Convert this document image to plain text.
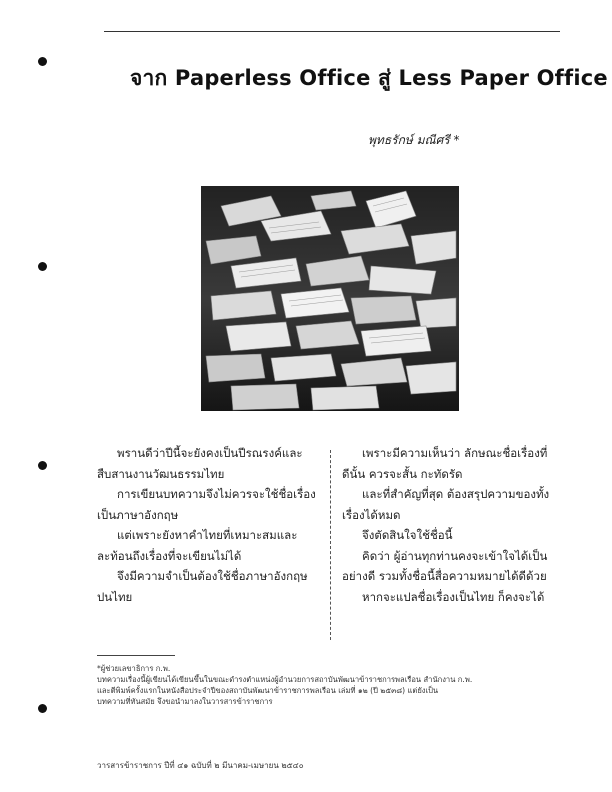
จาก Paperless Office สู่ Less Paper Office
พุทธรักษ์ มณีศรี *

พรานดีว่าปีนี้จะยังคงเป็นปีรณรงค์และ

สืบสานงานวัฒนธรรมไทย

การเขียนบทความจึงไม่ควรจะใช้ชื่อเรื่อง

เป็นภาษาอังกฤษ

แต่เพราะยังหาคำไทยที่เหมาะสมและ

ละท้อนถึงเรื่องที่จะเขียนไม่ได้

จึงมีความจำเป็นต้องใช้ชื่อภาษาอังกฤษ

ปนไทย

เพราะมีความเห็นว่า ลักษณะชื่อเรื่องที่

ดีนั้น ควรจะสั้น กะทัดรัด

และที่สำคัญที่สุด ต้องสรุปความของทั้ง

เรื่องได้หมด

จึงตัดสินใจใช้ชื่อนี้

คิดว่า ผู้อ่านทุกท่านคงจะเข้าใจได้เป็น

อย่างดี รวมทั้งชื่อนี้สื่อความหมายได้ดีด้วย

หากจะแปลชื่อเรื่องเป็นไทย ก็คงจะได้

*ผู้ช่วยเลขาธิการ ก.พ.

บทความเรื่องนี้ผู้เขียนได้เขียนขึ้นในขณะดำรงตำแหน่งผู้อำนวยการสถาบันพัฒนาข้าราชการพลเรือน สำนักงาน ก.พ.

และตีพิมพ์ครั้งแรกในหนังสือประจำปีของสถาบันพัฒนาข้าราชการพลเรือน เล่มที่ ๑๒ (ปี ๒๕๓๘) แต่ยังเป็น

บทความที่ทันสมัย จึงขอนำมาลงในวารสารข้าราชการ

วารสารข้าราชการ ปีที่ ๔๑ ฉบับที่ ๒ มีนาคม-เมษายน ๒๕๔๐
